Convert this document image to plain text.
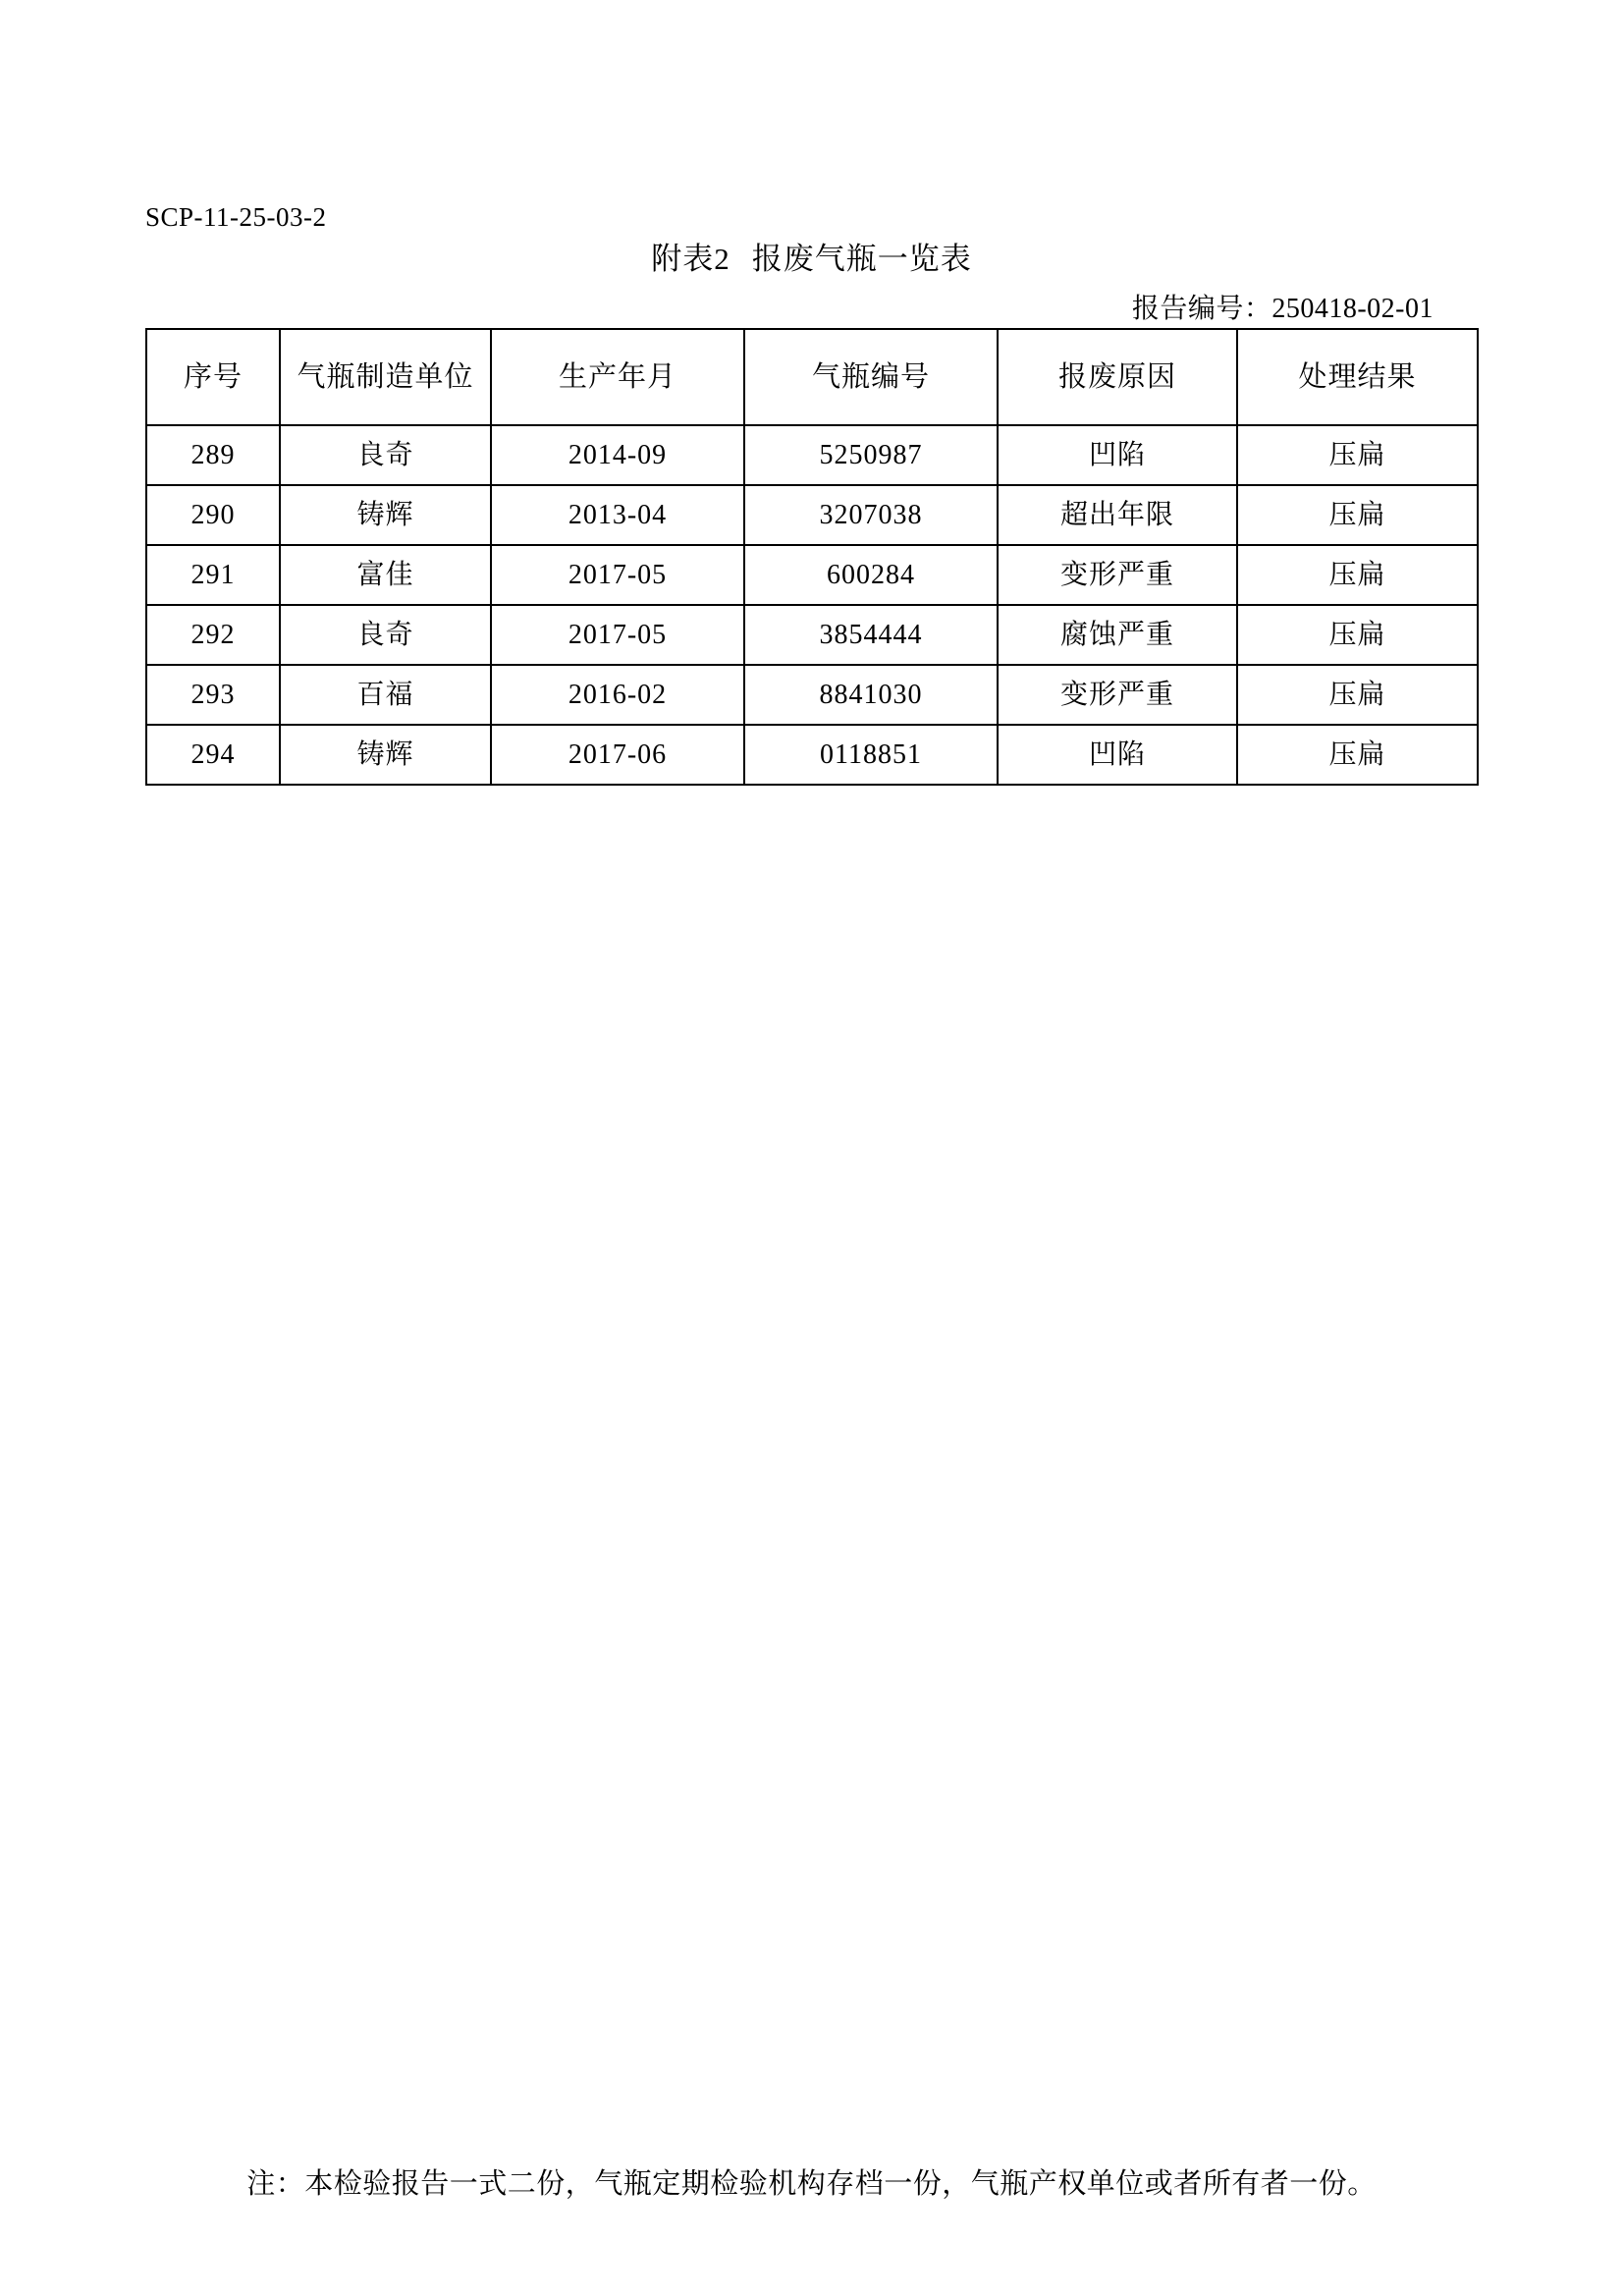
SCP-11-25-03-2
附表2 报废气瓶一览表
报告编号：250418-02-01
序号	气瓶制造单位	生产年月	气瓶编号	报废原因	处理结果
289	良奇	2014-09	5250987	凹陷	压扁
290	铸辉	2013-04	3207038	超出年限	压扁
291	富佳	2017-05	600284	变形严重	压扁
292	良奇	2017-05	3854444	腐蚀严重	压扁
293	百福	2016-02	8841030	变形严重	压扁
294	铸辉	2017-06	0118851	凹陷	压扁
注：本检验报告一式二份，气瓶定期检验机构存档一份，气瓶产权单位或者所有者一份。
